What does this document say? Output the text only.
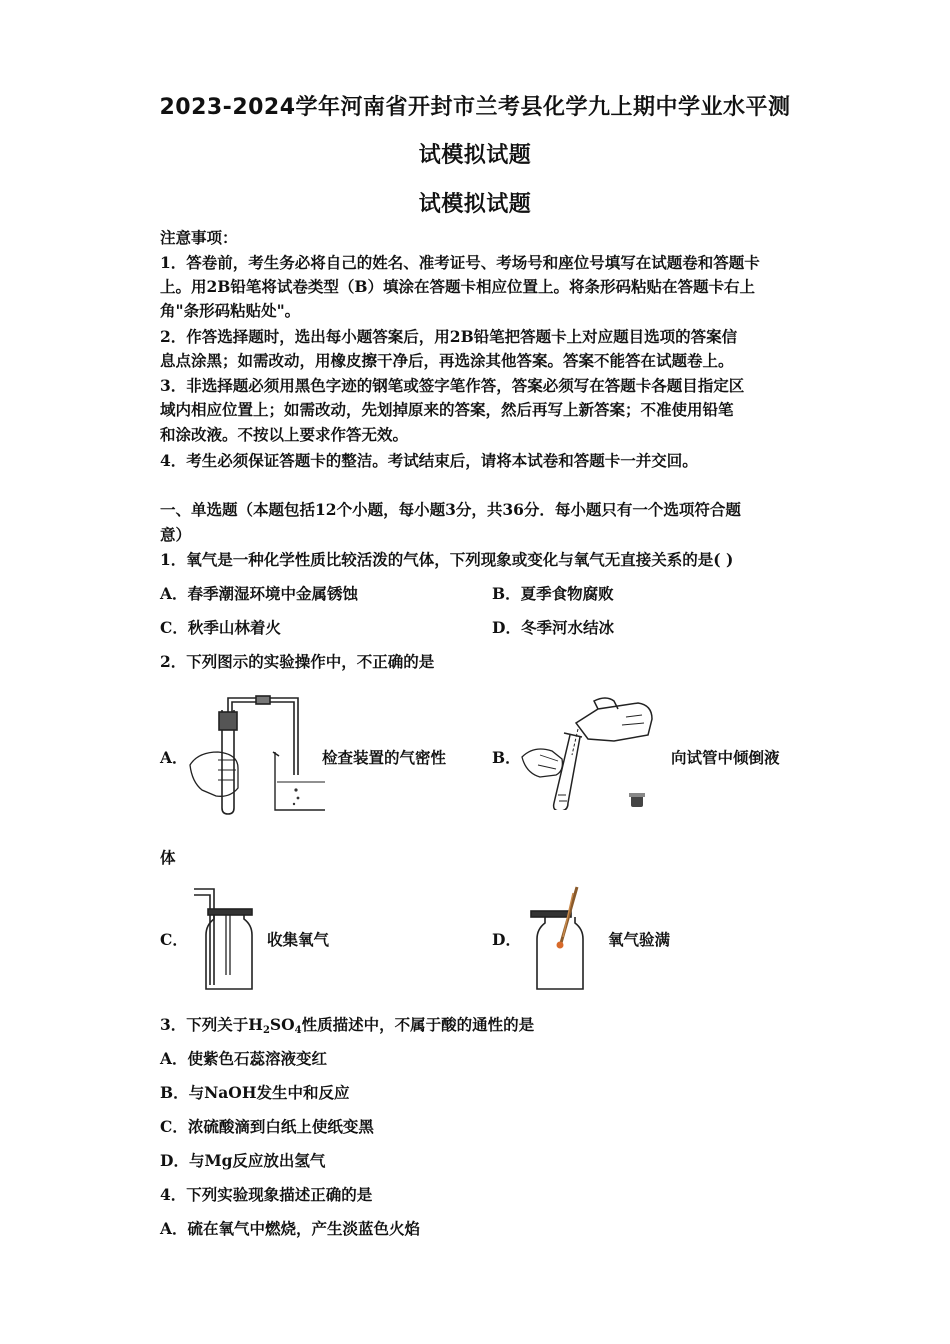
2023-2024学年河南省开封市兰考县化学九上期中学业水平测
试模拟试题
试模拟试题
注意事项：
1．答卷前，考生务必将自己的姓名、准考证号、考场号和座位号填写在试题卷和答题卡
上。用2B铅笔将试卷类型（B）填涂在答题卡相应位置上。将条形码粘贴在答题卡右上
角"条形码粘贴处"。
2．作答选择题时，选出每小题答案后，用2B铅笔把答题卡上对应题目选项的答案信
息点涂黑；如需改动，用橡皮擦干净后，再选涂其他答案。答案不能答在试题卷上。
3．非选择题必须用黑色字迹的钢笔或签字笔作答，答案必须写在答题卡各题目指定区
域内相应位置上；如需改动，先划掉原来的答案，然后再写上新答案；不准使用铅笔
和涂改液。不按以上要求作答无效。
4．考生必须保证答题卡的整洁。考试结束后，请将本试卷和答题卡一并交回。
一、单选题（本题包括12个小题，每小题3分，共36分．每小题只有一个选项符合题
意）
1．氧气是一种化学性质比较活泼的气体，下列现象或变化与氧气无直接关系的是( )
A．春季潮湿环境中金属锈蚀	B．夏季食物腐败
C．秋季山林着火	D．冬季河水结冰
2．下列图示的实验操作中，不正确的是
A．	检查装置的气密性	B．	向试管中倾倒液
体
C．	收集氧气	D．	氧气验满
3．下列关于$H_2SO_4$性质描述中，不属于酸的通性的是
A．使紫色石蕊溶液变红
B．与NaOH发生中和反应
C．浓硫酸滴到白纸上使纸变黑
D．与Mg反应放出氢气
4．下列实验现象描述正确的是
A．硫在氧气中燃烧，产生淡蓝色火焰
